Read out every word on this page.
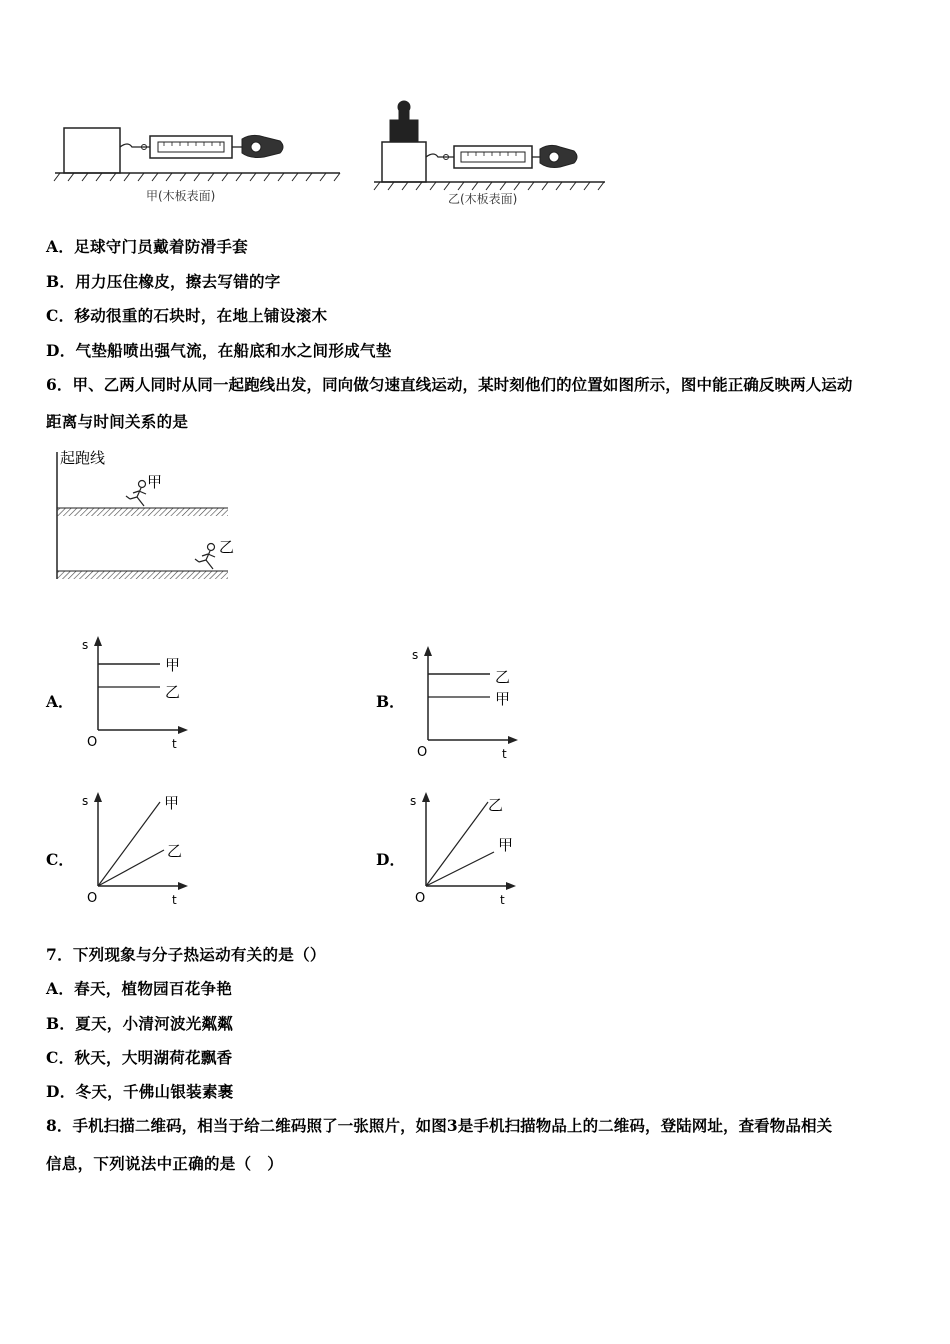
甲(木板表面)	乙(木板表面)
A．足球守门员戴着防滑手套
B．用力压住橡皮，擦去写错的字
C．移动很重的石块时，在地上铺设滚木
D．气垫船喷出强气流，在船底和水之间形成气垫
6．甲、乙两人同时从同一起跑线出发，同向做匀速直线运动，某时刻他们的位置如图所示，图中能正确反映两人运动
距离与时间关系的是
起跑线
甲
乙
A．
s
t
O
甲
乙	B．
s
t
O
乙
甲
C．
s
t
O
甲
乙	D．
s
t
O
乙
甲
7．下列现象与分子热运动有关的是（）
A．春天，植物园百花争艳
B．夏天，小清河波光粼粼
C．秋天，大明湖荷花飘香
D．冬天，千佛山银装素裹
8．手机扫描二维码，相当于给二维码照了一张照片，如图3是手机扫描物品上的二维码，登陆网址，查看物品相关
信息，下列说法中正确的是（　）
